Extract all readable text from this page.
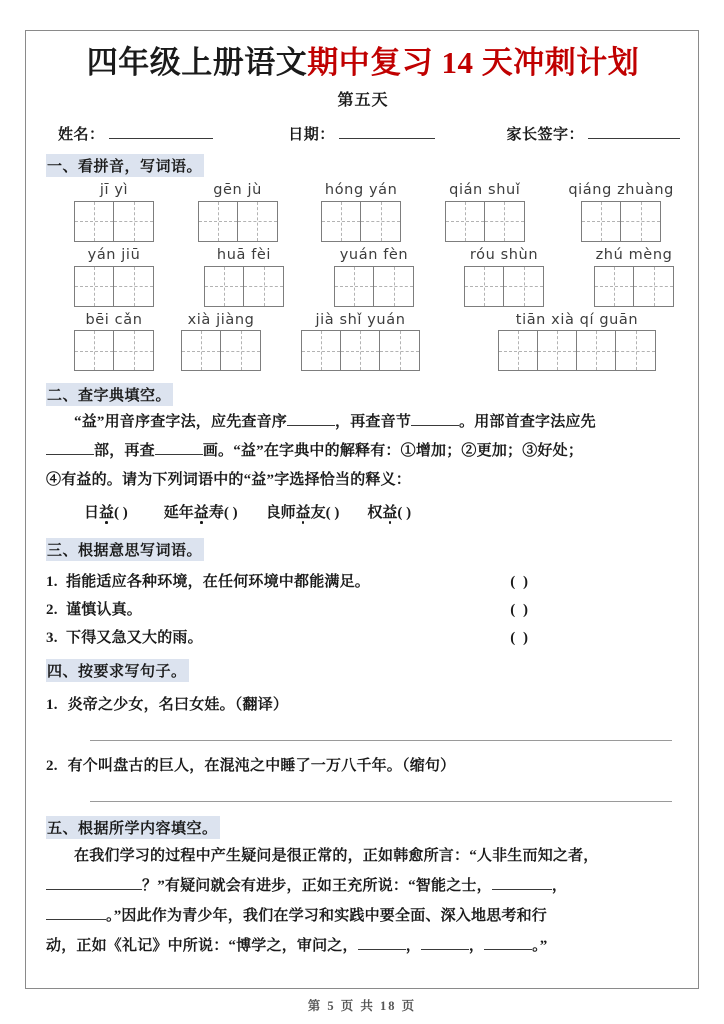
四年级上册语文期中复习 14 天冲刺计划
第五天
姓名：	日期：	家长签字：
一、看拼音，写词语。
jī yì	gēn jù	hóng yán	qián shuǐ	qiáng zhuàng
yán jiū	huā fèi	yuán fèn	róu shùn	zhú mèng
bēi cǎn	xià jiàng	jià shǐ yuán	tiān xià qí guān
二、查字典填空。
“益”用音序查字法，应先查音序	，再查音节	。用部首查字法应先
部，再查	画。“益”在字典中的解释有：①增加；②更加；③好处；
④有益的。请为下列词语中的“益”字选择恰当的释义：
日益( ) 延年益寿( ) 良师益友( ) 权益( )
三、根据意思写词语。
1. 指能适应各种环境，在任何环境中都能满足。	( )
2. 谨慎认真。	( )
3. 下得又急又大的雨。	( )
四、按要求写句子。
1. 炎帝之少女，名曰女娃。（翻译）
2. 有个叫盘古的巨人，在混沌之中睡了一万八千年。（缩句）
五、根据所学内容填空。
在我们学习的过程中产生疑问是很正常的，正如韩愈所言：“人非生而知之者，
？”有疑问就会有进步，正如王充所说：“智能之士，	，
。”因此作为青少年，我们在学习和实践中要全面、深入地思考和行
动，正如《礼记》中所说：“博学之，审问之，	，	，	。”
第 5 页 共 18 页
